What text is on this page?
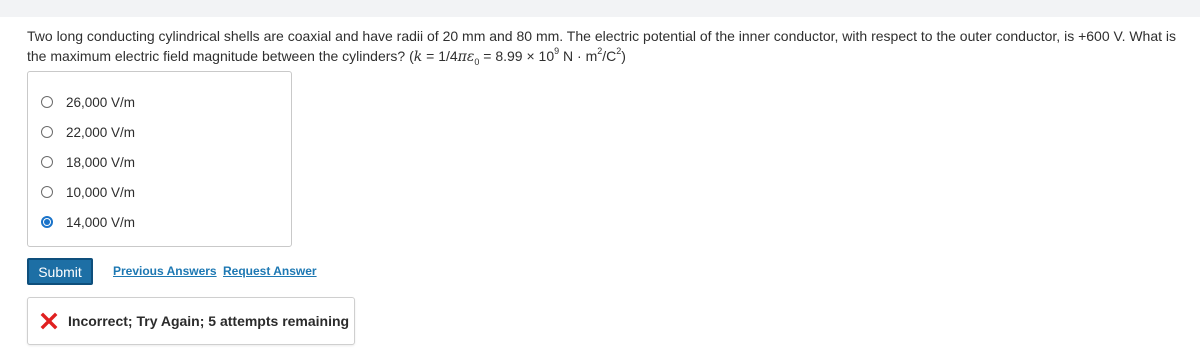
Two long conducting cylindrical shells are coaxial and have radii of 20 mm and 80 mm. The electric potential of the inner conductor, with respect to the outer conductor, is +600 V. What is the maximum electric field magnitude between the cylinders? ($k = 1/4\pi\varepsilon_0 = 8.99 \times 10^9$ $N \cdot m^2/C^2$)

26,000 V/m
22,000 V/m
18,000 V/m
10,000 V/m
14,000 V/m
Submit	Previous Answers Request Answer
Incorrect; Try Again; 5 attempts remaining
